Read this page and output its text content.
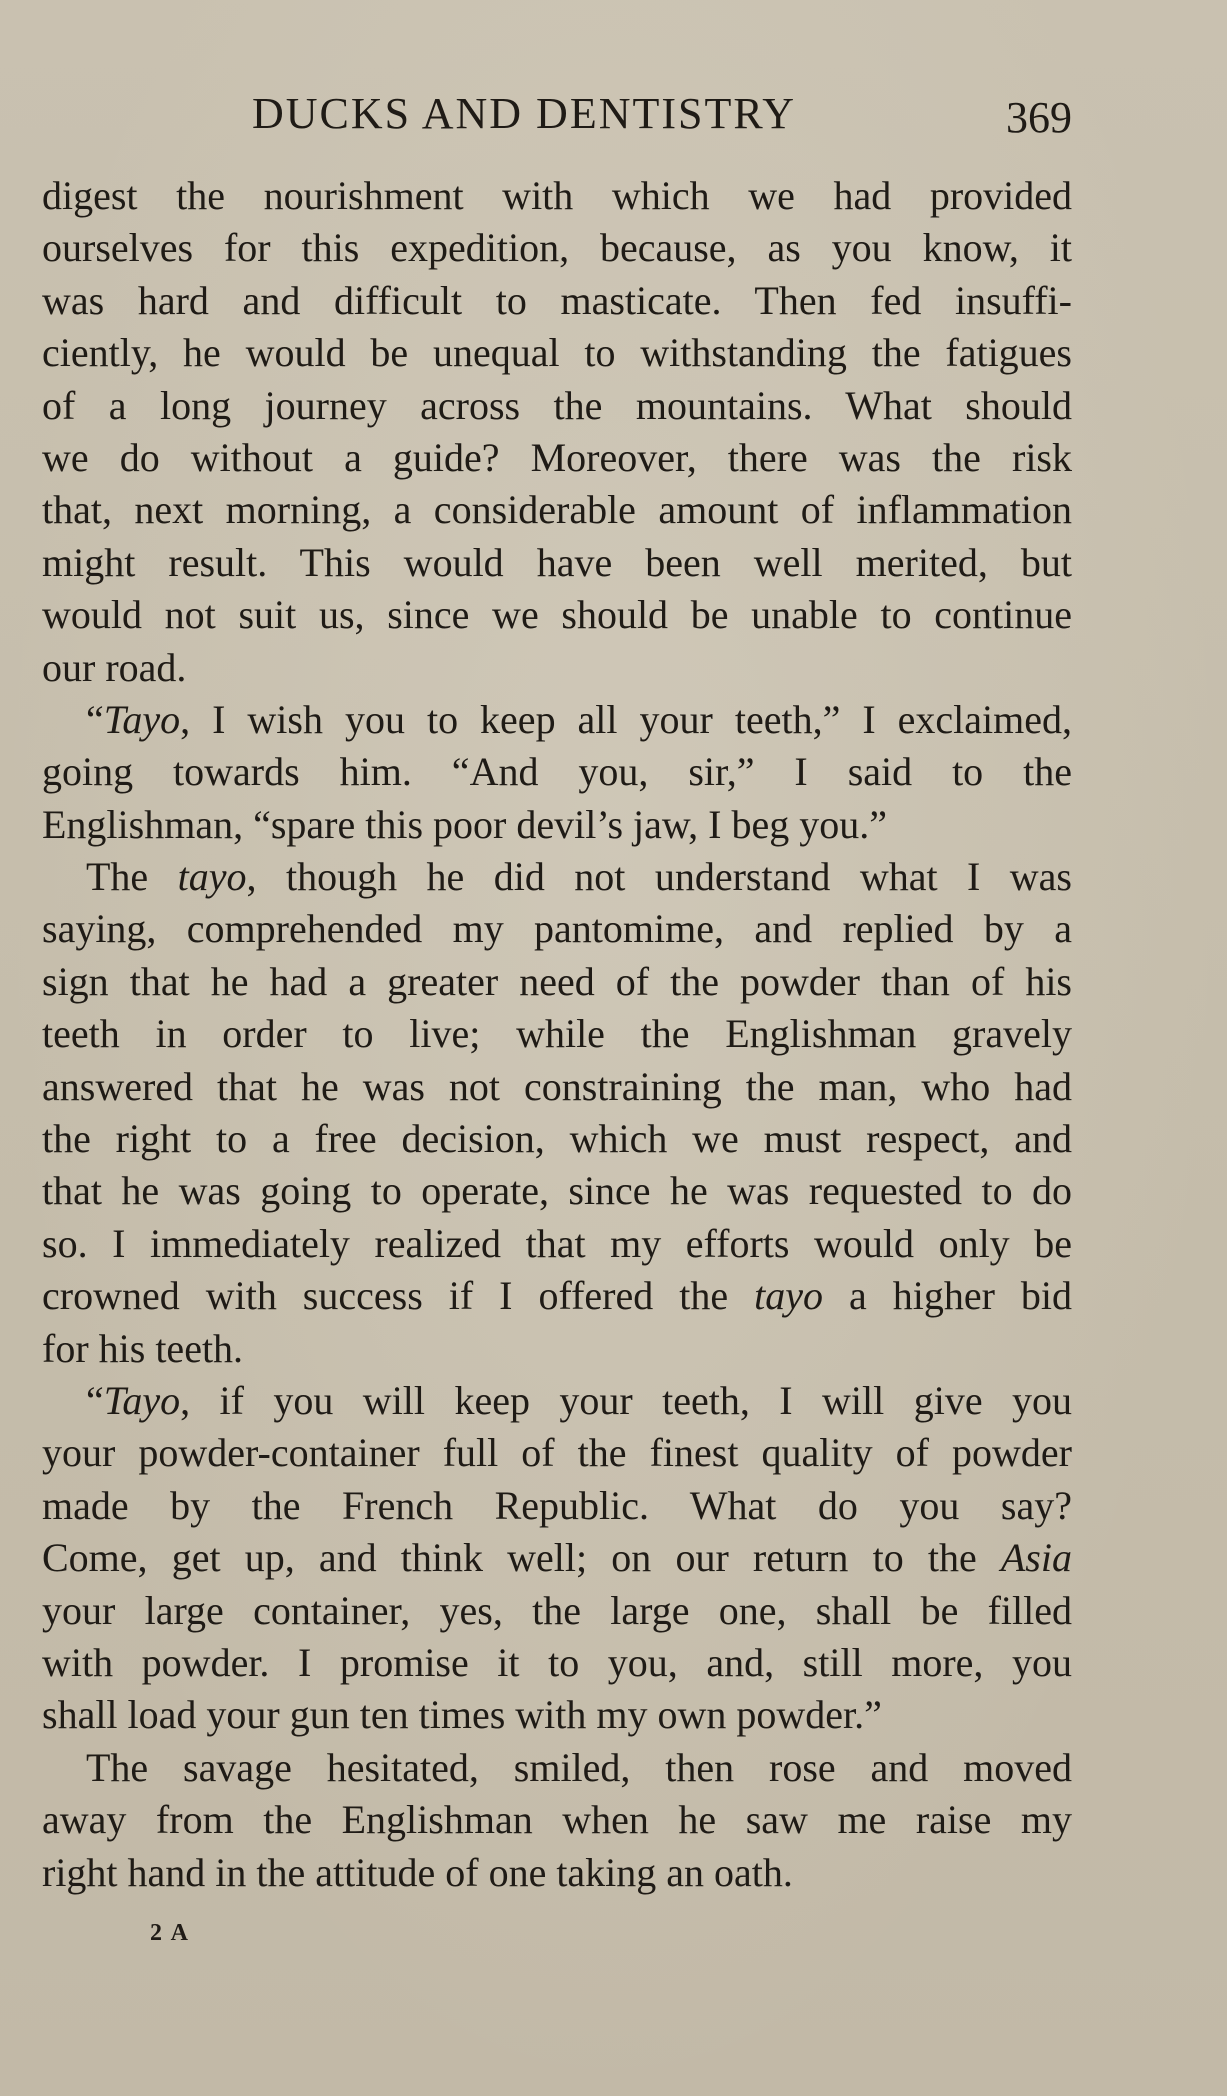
DUCKS AND DENTISTRY	369
digest the nourishment with which we had provided
ourselves for this expedition, because, as you know, it
was hard and difficult to masticate. Then fed insuffi-
ciently, he would be unequal to withstanding the fatigues
of a long journey across the mountains. What should
we do without a guide? Moreover, there was the risk
that, next morning, a considerable amount of inflammation
might result. This would have been well merited, but
would not suit us, since we should be unable to continue
our road.
“Tayo, I wish you to keep all your teeth,” I exclaimed,
going towards him. “And you, sir,” I said to the
Englishman, “spare this poor devil’s jaw, I beg you.”
The tayo, though he did not understand what I was
saying, comprehended my pantomime, and replied by a
sign that he had a greater need of the powder than of his
teeth in order to live; while the Englishman gravely
answered that he was not constraining the man, who had
the right to a free decision, which we must respect, and
that he was going to operate, since he was requested to do
so. I immediately realized that my efforts would only be
crowned with success if I offered the tayo a higher bid
for his teeth.
“Tayo, if you will keep your teeth, I will give you
your powder-container full of the finest quality of powder
made by the French Republic. What do you say?
Come, get up, and think well; on our return to the Asia
your large container, yes, the large one, shall be filled
with powder. I promise it to you, and, still more, you
shall load your gun ten times with my own powder.”
The savage hesitated, smiled, then rose and moved
away from the Englishman when he saw me raise my
right hand in the attitude of one taking an oath.
2 A
